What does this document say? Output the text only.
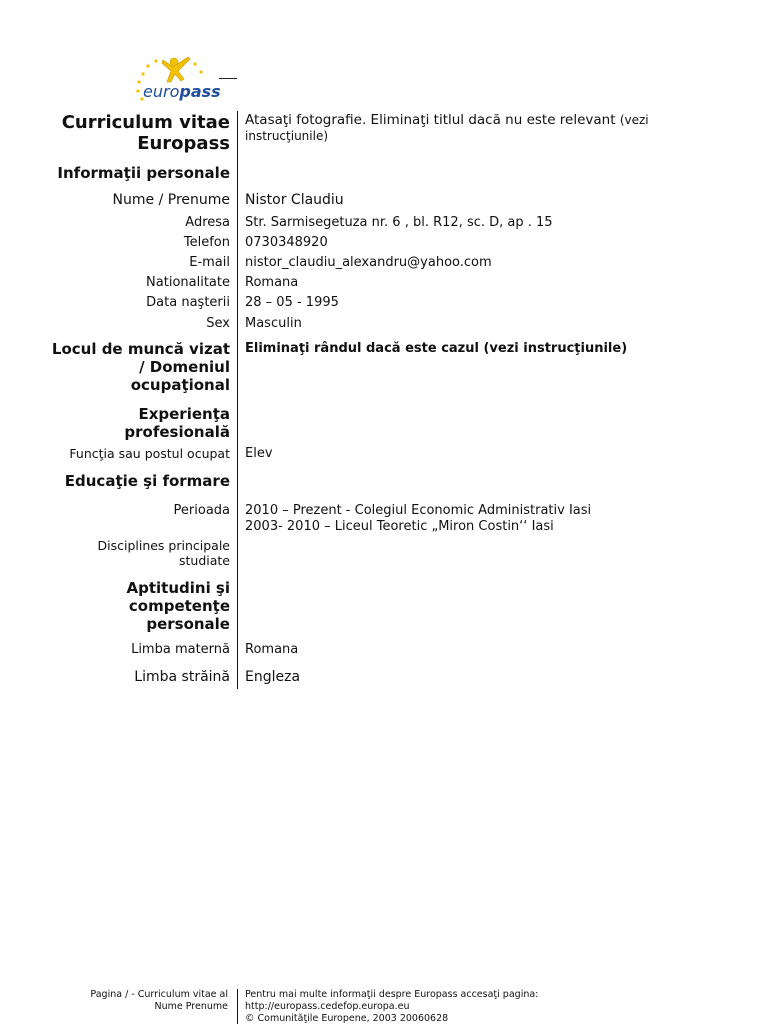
europass
Curriculum vitae
Europass
Atasaţi fotografie. Eliminaţi titlul dacă nu este relevant (vezi
instrucţiunile)
Informaţii personale
Nume / Prenume Nistor Claudiu
Adresa Str. Sarmisegetuza nr. 6 , bl. R12, sc. D, ap . 15
Telefon 0730348920
E-mail nistor_claudiu_alexandru@yahoo.com
Nationalitate Romana
Data naşterii 28 – 05 - 1995
Sex Masculin
Locul de muncă vizat
/ Domeniul
ocupaţional
Eliminaţi rândul dacă este cazul (vezi instrucţiunile)
Experienţa
profesională
Funcţia sau postul ocupat Elev
Educaţie şi formare
Perioada 2010 – Prezent - Colegiul Economic Administrativ Iasi
2003- 2010 – Liceul Teoretic „Miron Costin‘‘ Iasi
Disciplines principale
studiate
Aptitudini şi
competenţe
personale
Limba maternă Romana
Limba străină Engleza
Pagina / - Curriculum vitae al
Nume Prenume
Pentru mai multe informaţii despre Europass accesaţi pagina:
http://europass.cedefop.europa.eu
© Comunităţile Europene, 2003 20060628
